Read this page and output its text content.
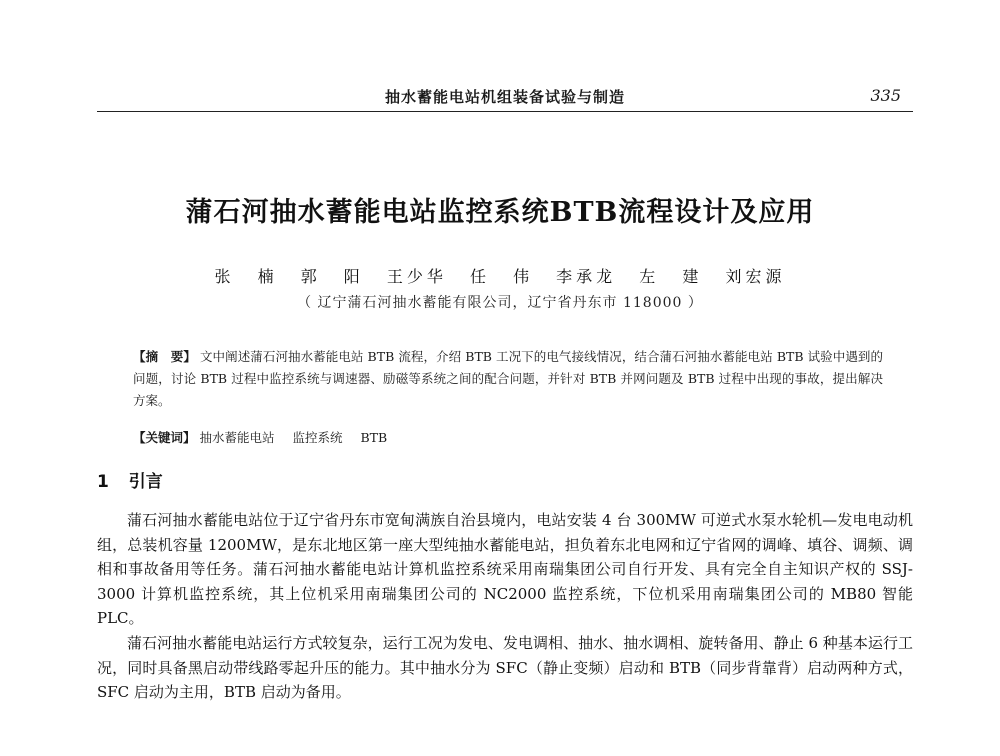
抽水蓄能电站机组装备试验与制造	335
蒲石河抽水蓄能电站监控系统BTB流程设计及应用
张 楠 郭 阳 王少华 任 伟 李承龙 左 建 刘宏源
（ 辽宁蒲石河抽水蓄能有限公司，辽宁省丹东市 118000 ）
【摘　要】 文中阐述蒲石河抽水蓄能电站 BTB 流程，介绍 BTB 工况下的电气接线情况，结合蒲石河抽水蓄能电站 BTB 试验中遇到的问题，讨论 BTB 过程中监控系统与调速器、励磁等系统之间的配合问题，并针对 BTB 并网问题及 BTB 过程中出现的事故，提出解决方案。
【关键词】 抽水蓄能电站 监控系统 BTB
1 引言

蒲石河抽水蓄能电站位于辽宁省丹东市宽甸满族自治县境内，电站安装 4 台 300MW 可逆式水泵水轮机—发电电动机组，总装机容量 1200MW，是东北地区第一座大型纯抽水蓄能电站，担负着东北电网和辽宁省网的调峰、填谷、调频、调相和事故备用等任务。蒲石河抽水蓄能电站计算机监控系统采用南瑞集团公司自行开发、具有完全自主知识产权的 SSJ-3000 计算机监控系统，其上位机采用南瑞集团公司的 NC2000 监控系统，下位机采用南瑞集团公司的 MB80 智能 PLC。

蒲石河抽水蓄能电站运行方式较复杂，运行工况为发电、发电调相、抽水、抽水调相、旋转备用、静止 6 种基本运行工况，同时具备黑启动带线路零起升压的能力。其中抽水分为 SFC（静止变频）启动和 BTB（同步背靠背）启动两种方式，SFC 启动为主用，BTB 启动为备用。
